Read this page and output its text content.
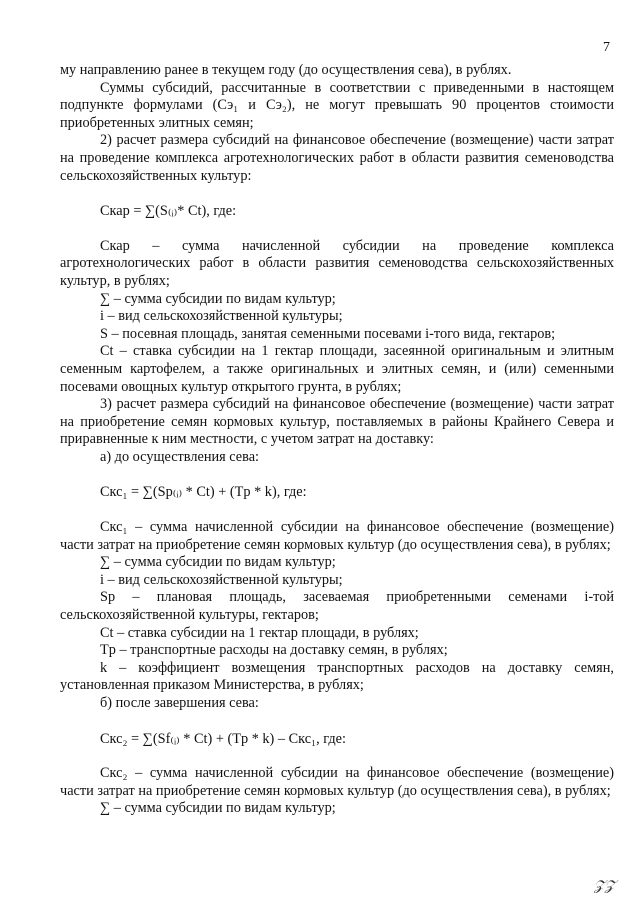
7

му направлению ранее в текущем году (до осуществления сева), в рублях.

Суммы субсидий, рассчитанные в соответствии с приведенными в настоящем подпункте формулами (Сэ₁ и Сэ₂), не могут превышать 90 процентов стоимости приобретенных элитных семян;

2) расчет размера субсидий на финансовое обеспечение (возмещение) части затрат на проведение комплекса агротехнологических работ в области развития семеноводства сельскохозяйственных культур:

Скар = ∑(S₍ᵢ₎* Ct), где:

Скар – сумма начисленной субсидии на проведение комплекса агротехнологических работ в области развития семеноводства сельскохозяйственных культур, в рублях;

∑ – сумма субсидии по видам культур;

i – вид сельскохозяйственной культуры;

S – посевная площадь, занятая семенными посевами i-того вида, гектаров;

Ct – ставка субсидии на 1 гектар площади, засеянной оригинальным и элитным семенным картофелем, а также оригинальных и элитных семян, и (или) семенными посевами овощных культур открытого грунта, в рублях;

3) расчет размера субсидий на финансовое обеспечение (возмещение) части затрат на приобретение семян кормовых культур, поставляемых в районы Крайнего Севера и приравненные к ним местности, с учетом затрат на доставку:

а) до осуществления сева:

Cкс₁ = ∑(Sp₍ᵢ₎ * Ct) + (Tp * k), где:

Cкс₁ – сумма начисленной субсидии на финансовое обеспечение (возмещение) части затрат на приобретение семян кормовых культур (до осуществления сева), в рублях;

∑ – сумма субсидии по видам культур;

i – вид сельскохозяйственной культуры;

Sp – плановая площадь, засеваемая приобретенными семенами i-той сельскохозяйственной культуры, гектаров;

Ct – ставка субсидии на 1 гектар площади, в рублях;

Tp – транспортные расходы на доставку семян, в рублях;

k – коэффициент возмещения транспортных расходов на доставку семян, установленная приказом Министерства, в рублях;

б) после завершения сева:

Cкс₂ = ∑(Sf₍ᵢ₎ * Ct) + (Tp * k) – Cкс₁, где:

Cкс₂ – сумма начисленной субсидии на финансовое обеспечение (возмещение) части затрат на приобретение семян кормовых культур (до осуществления сева), в рублях;

∑ – сумма субсидии по видам культур;

𝒵𝒵
